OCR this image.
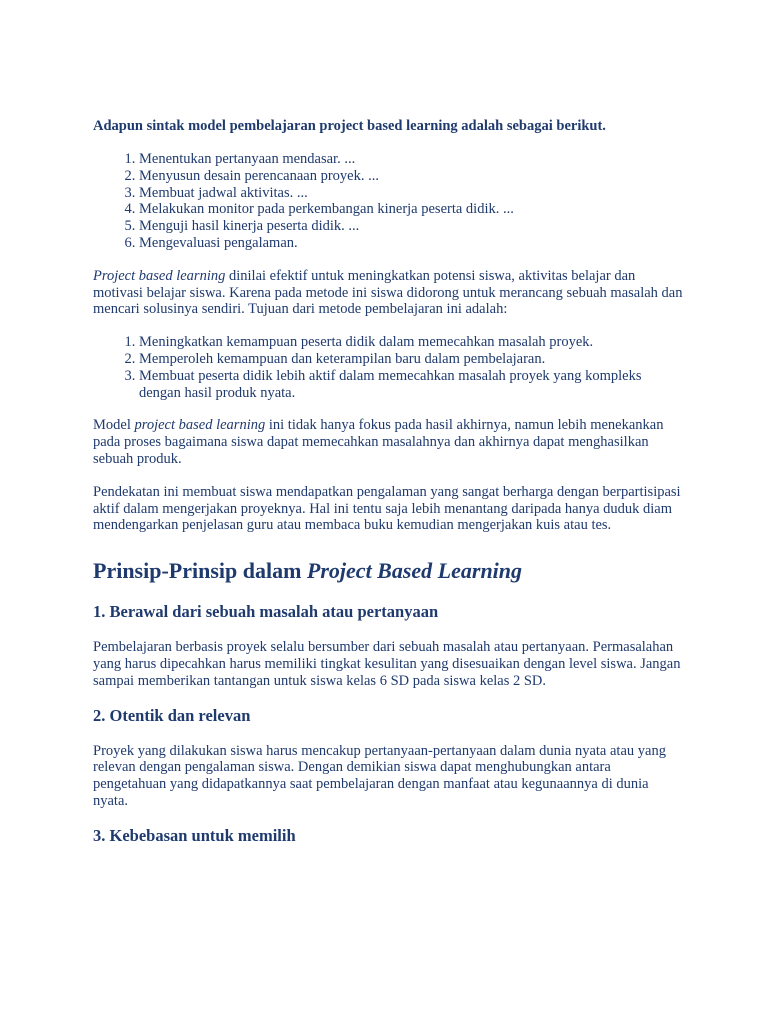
Adapun sintak model pembelajaran project based learning adalah sebagai berikut.
1. Menentukan pertanyaan mendasar. ...
2. Menyusun desain perencanaan proyek. ...
3. Membuat jadwal aktivitas. ...
4. Melakukan monitor pada perkembangan kinerja peserta didik. ...
5. Menguji hasil kinerja peserta didik. ...
6. Mengevaluasi pengalaman.

Project based learning dinilai efektif untuk meningkatkan potensi siswa, aktivitas belajar dan motivasi belajar siswa. Karena pada metode ini siswa didorong untuk merancang sebuah masalah dan mencari solusinya sendiri. Tujuan dari metode pembelajaran ini adalah:

1. Meningkatkan kemampuan peserta didik dalam memecahkan masalah proyek.
2. Memperoleh kemampuan dan keterampilan baru dalam pembelajaran.
3. Membuat peserta didik lebih aktif dalam memecahkan masalah proyek yang kompleks dengan hasil produk nyata.

Model project based learning ini tidak hanya fokus pada hasil akhirnya, namun lebih menekankan pada proses bagaimana siswa dapat memecahkan masalahnya dan akhirnya dapat menghasilkan sebuah produk.

Pendekatan ini membuat siswa mendapatkan pengalaman yang sangat berharga dengan berpartisipasi aktif dalam mengerjakan proyeknya. Hal ini tentu saja lebih menantang daripada hanya duduk diam mendengarkan penjelasan guru atau membaca buku kemudian mengerjakan kuis atau tes.

Prinsip-Prinsip dalam Project Based Learning
1. Berawal dari sebuah masalah atau pertanyaan

Pembelajaran berbasis proyek selalu bersumber dari sebuah masalah atau pertanyaan. Permasalahan yang harus dipecahkan harus memiliki tingkat kesulitan yang disesuaikan dengan level siswa. Jangan sampai memberikan tantangan untuk siswa kelas 6 SD pada siswa kelas 2 SD.

2. Otentik dan relevan

Proyek yang dilakukan siswa harus mencakup pertanyaan-pertanyaan dalam dunia nyata atau yang relevan dengan pengalaman siswa. Dengan demikian siswa dapat menghubungkan antara pengetahuan yang didapatkannya saat pembelajaran dengan manfaat atau kegunaannya di dunia nyata.

3. Kebebasan untuk memilih
